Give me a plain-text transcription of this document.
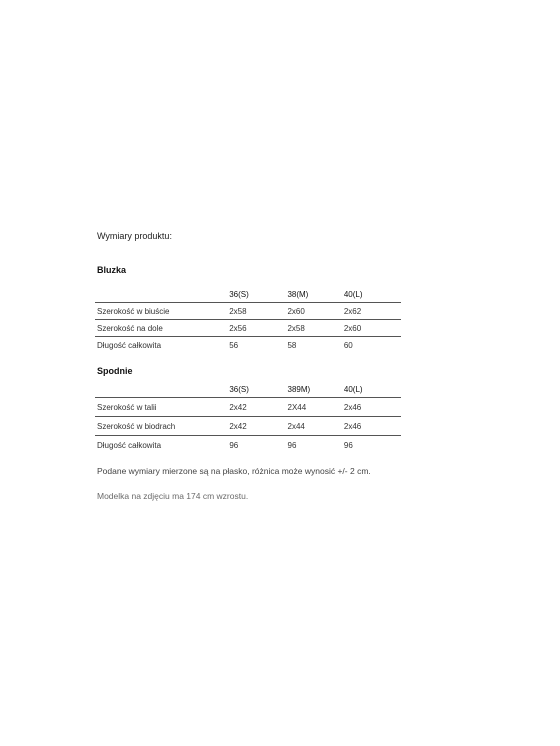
Wymiary produktu:
Bluzka
	36(S)	38(M)	40(L)
Szerokość w biuście	2x58	2x60	2x62
Szerokość na dole	2x56	2x58	2x60
Długość całkowita	56	58	60
Spodnie
	36(S)	389M)	40(L)
Szerokość w talii	2x42	2X44	2x46
Szerokość w biodrach	2x42	2x44	2x46
Długość całkowita	96	96	96
Podane wymiary mierzone są na płasko, różnica może wynosić +/- 2 cm.
Modelka na zdjęciu ma 174 cm wzrostu.
